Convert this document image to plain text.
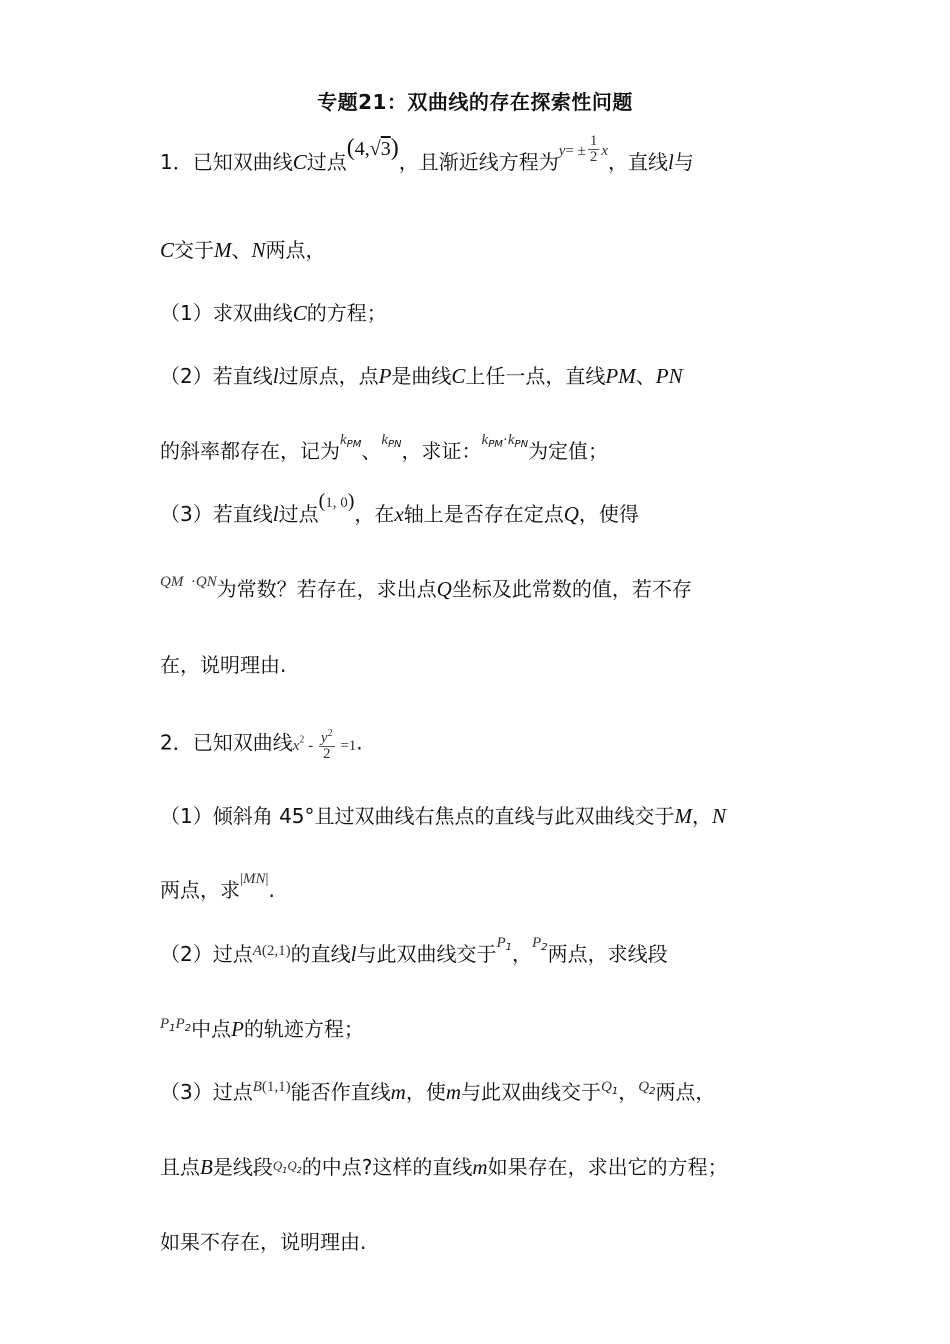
专题21：双曲线的存在探索性问题
1．已知双曲线C过点(4,√3)，且渐近线方程为$y= \pm \frac{1}{2}$ x，直线l与
C交于M、N两点，
（1）求双曲线C的方程；
（2）若直线l过原点，点P是曲线C上任一点，直线PM、PN
的斜率都存在，记为$k_{PM}$、$k_{PN}$，求证：$k_{PM}\cdot k_{PN}$为定值；
（3）若直线l过点(1, 0)，在x轴上是否存在定点Q，使得
QM ·QN为常数？若存在，求出点Q坐标及此常数的值，若不存
在，说明理由.
2．已知双曲线$x^2 - \frac{y^2}{2} =1$.
（1）倾斜角 45°且过双曲线右焦点的直线与此双曲线交于M，N
两点，求|MN|.
（2）过点A(2,1)的直线l与此双曲线交于$P_1$，$P_2$两点，求线段
$P_1P_2$中点P的轨迹方程；
（3）过点B(1,1)能否作直线m，使m与此双曲线交于$Q_1$，$Q_2$两点，
且点B是线段$Q_1Q_2$的中点?这样的直线m如果存在，求出它的方程；
如果不存在，说明理由.
